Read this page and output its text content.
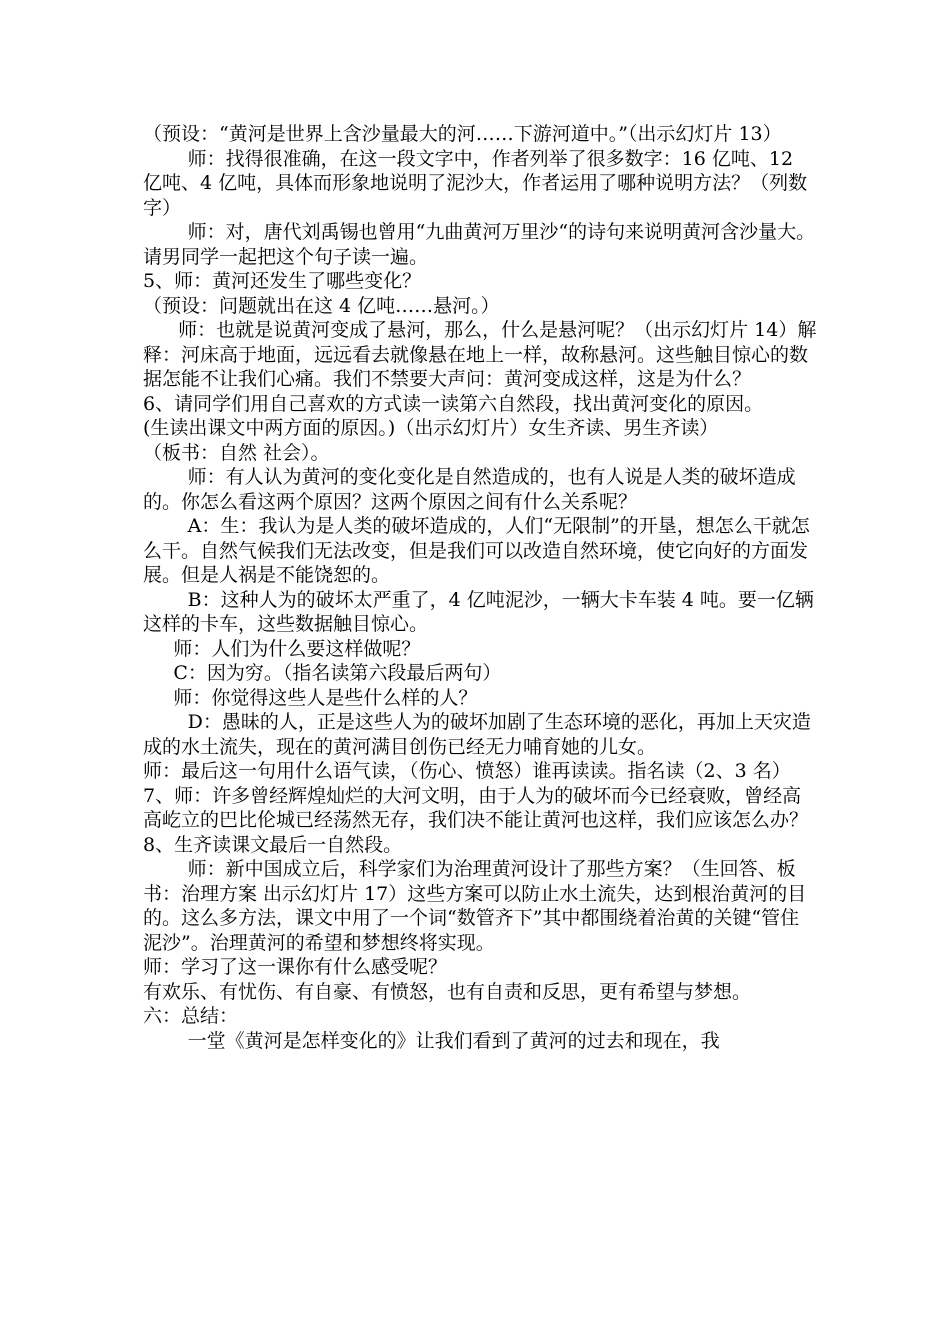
（预设：“黄河是世界上含沙量最大的河……下游河道中。”（出示幻灯片 13）

师：找得很准确，在这一段文字中，作者列举了很多数字：16 亿吨、12 亿吨、4 亿吨，具体而形象地说明了泥沙大，作者运用了哪种说明方法？（列数字）

师：对，唐代刘禹锡也曾用“九曲黄河万里沙“的诗句来说明黄河含沙量大。请男同学一起把这个句子读一遍。

5、师：黄河还发生了哪些变化？

（预设：问题就出在这 4 亿吨……悬河。）

师：也就是说黄河变成了悬河，那么，什么是悬河呢？（出示幻灯片 14）解释：河床高于地面，远远看去就像悬在地上一样，故称悬河。这些触目惊心的数据怎能不让我们心痛。我们不禁要大声问：黄河变成这样，这是为什么？

6、请同学们用自己喜欢的方式读一读第六自然段，找出黄河变化的原因。

(生读出课文中两方面的原因。)（出示幻灯片）女生齐读、男生齐读）

（板书：自然 社会）。

师：有人认为黄河的变化变化是自然造成的，也有人说是人类的破坏造成的。你怎么看这两个原因？这两个原因之间有什么关系呢？

A：生：我认为是人类的破坏造成的，人们“无限制”的开垦，想怎么干就怎么干。自然气候我们无法改变，但是我们可以改造自然环境，使它向好的方面发展。但是人祸是不能饶恕的。

B：这种人为的破坏太严重了，4 亿吨泥沙，一辆大卡车装 4 吨。要一亿辆这样的卡车，这些数据触目惊心。

师：人们为什么要这样做呢？

C：因为穷。（指名读第六段最后两句）

师：你觉得这些人是些什么样的人？

D：愚昧的人，正是这些人为的破坏加剧了生态环境的恶化，再加上天灾造成的水土流失，现在的黄河满目创伤已经无力哺育她的儿女。

师：最后这一句用什么语气读，（伤心、愤怒）谁再读读。指名读（2、3 名）

7、师：许多曾经辉煌灿烂的大河文明，由于人为的破坏而今已经衰败，曾经高高屹立的巴比伦城已经荡然无存，我们决不能让黄河也这样，我们应该怎么办？

8、生齐读课文最后一自然段。

师：新中国成立后，科学家们为治理黄河设计了那些方案？（生回答、板书：治理方案 出示幻灯片 17）这些方案可以防止水土流失，达到根治黄河的目的。这么多方法，课文中用了一个词“数管齐下”其中都围绕着治黄的关键“管住泥沙”。治理黄河的希望和梦想终将实现。

师：学习了这一课你有什么感受呢？

有欢乐、有忧伤、有自豪、有愤怒，也有自责和反思，更有希望与梦想。

六：总结：

一堂《黄河是怎样变化的》让我们看到了黄河的过去和现在，我
